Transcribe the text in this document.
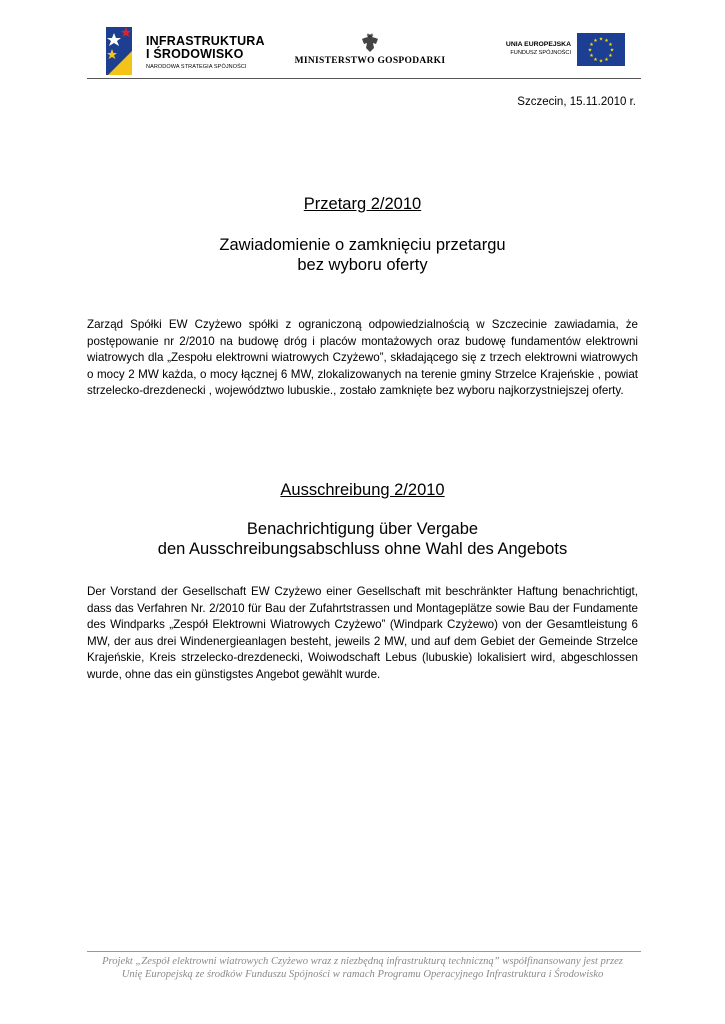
INFRASTRUKTURA
I ŚRODOWISKO
NARODOWA STRATEGIA SPÓJNOŚCI
MINISTERSTWO GOSPODARKI
UNIA EUROPEJSKA
FUNDUSZ SPÓJNOŚCI
★ ★
★
★
★
★
★
★
★
★
★
★
Szczecin, 15.11.2010 r.
Przetarg 2/2010
Zawiadomienie o zamknięciu przetargu
bez wyboru oferty
Zarząd Spółki EW Czyżewo spółki z ograniczoną odpowiedzialnością w Szczecinie zawiadamia, że postępowanie nr 2/2010 na budowę dróg i placów montażowych oraz budowę fundamentów elektrowni wiatrowych dla „Zespołu elektrowni wiatrowych Czyżewo”, składającego się z trzech elektrowni wiatrowych o mocy 2 MW każda, o mocy łącznej 6 MW, zlokalizowanych na terenie gminy Strzelce Krajeńskie , powiat strzelecko-drezdenecki , województwo lubuskie., zostało zamknięte bez wyboru najkorzystniejszej oferty.
Ausschreibung 2/2010
Benachrichtigung über Vergabe
den Ausschreibungsabschluss ohne Wahl des Angebots
Der Vorstand der Gesellschaft EW Czyżewo einer Gesellschaft mit beschränkter Haftung benachrichtigt, dass das Verfahren Nr. 2/2010 für Bau der Zufahrtstrassen und Montageplätze sowie Bau der Fundamente des Windparks „Zespół Elektrowni Wiatrowych Czyżewo” (Windpark Czyżewo) von der Gesamtleistung 6 MW, der aus drei Windenergieanlagen besteht, jeweils 2 MW, und auf dem Gebiet der Gemeinde Strzelce Krajeńskie, Kreis strzelecko-drezdenecki, Woiwodschaft Lebus (lubuskie) lokalisiert wird, abgeschlossen wurde, ohne das ein günstigstes Angebot gewählt wurde.
Projekt „Zespół elektrowni wiatrowych Czyżewo wraz z niezbędną infrastrukturą techniczną” współfinansowany jest przez
Unię Europejską ze środków Funduszu Spójności w ramach Programu Operacyjnego Infrastruktura i Środowisko
